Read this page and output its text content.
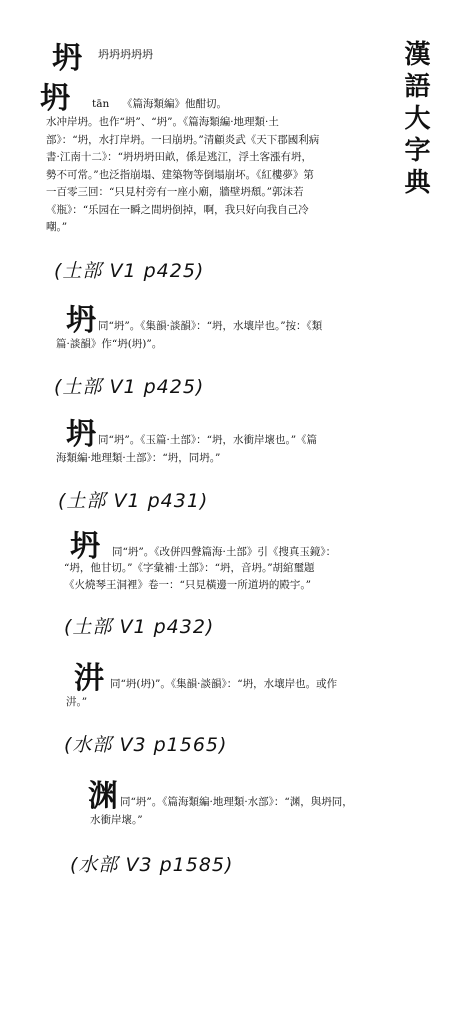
漢語大字典
坍 坍坍坍坍坍
坍 tān 《篇海類編》他酣切。
水冲岸坍。也作“坍”、“坍”。《篇海類編·地理類·土
部》：“坍，水打岸坍。一曰崩坍。”清顧炎武《天下郡國利病
書·江南十二》：“坍坍坍田畝，係是逃江，浮土客漲有坍，
勢不可常。”也泛指崩塌、建築物等倒塌崩坏。《紅樓夢》第
一百零三回：“只見村旁有一座小廟，牆壁坍頹。”郭沫若
《瓶》：“乐园在一瞬之間坍倒掉，啊，我只好向我自己冷
嘲。”
(土部 V1 p425)
坍 同“坍”。《集韻·談韻》：“坍，水壤岸也。”按：《類
篇·談韻》作“坍(坍)”。
(土部 V1 p425)
坍 同“坍”。《玉篇·土部》：“坍，水衝岸壞也。”《篇
海類編·地理類·土部》：“坍，同坍。”
(土部 V1 p431)
坍 同“坍”。《改併四聲篇海·土部》引《搜真玉鏡》：
“坍，他甘切。”《字彙補·土部》：“坍，音坍。”胡綰璽題
《火燒琴王洞裡》卷一：“只見橫邊一所道坍的殿宇。”
(土部 V1 p432)
汫 同“坍(坍)”。《集韻·談韻》：“坍，水壤岸也。或作
汫。”
(水部 V3 p1565)
渊 同“坍”。《篇海類編·地理類·水部》：“渊，與坍同，
水衝岸壞。”
(水部 V3 p1585)
